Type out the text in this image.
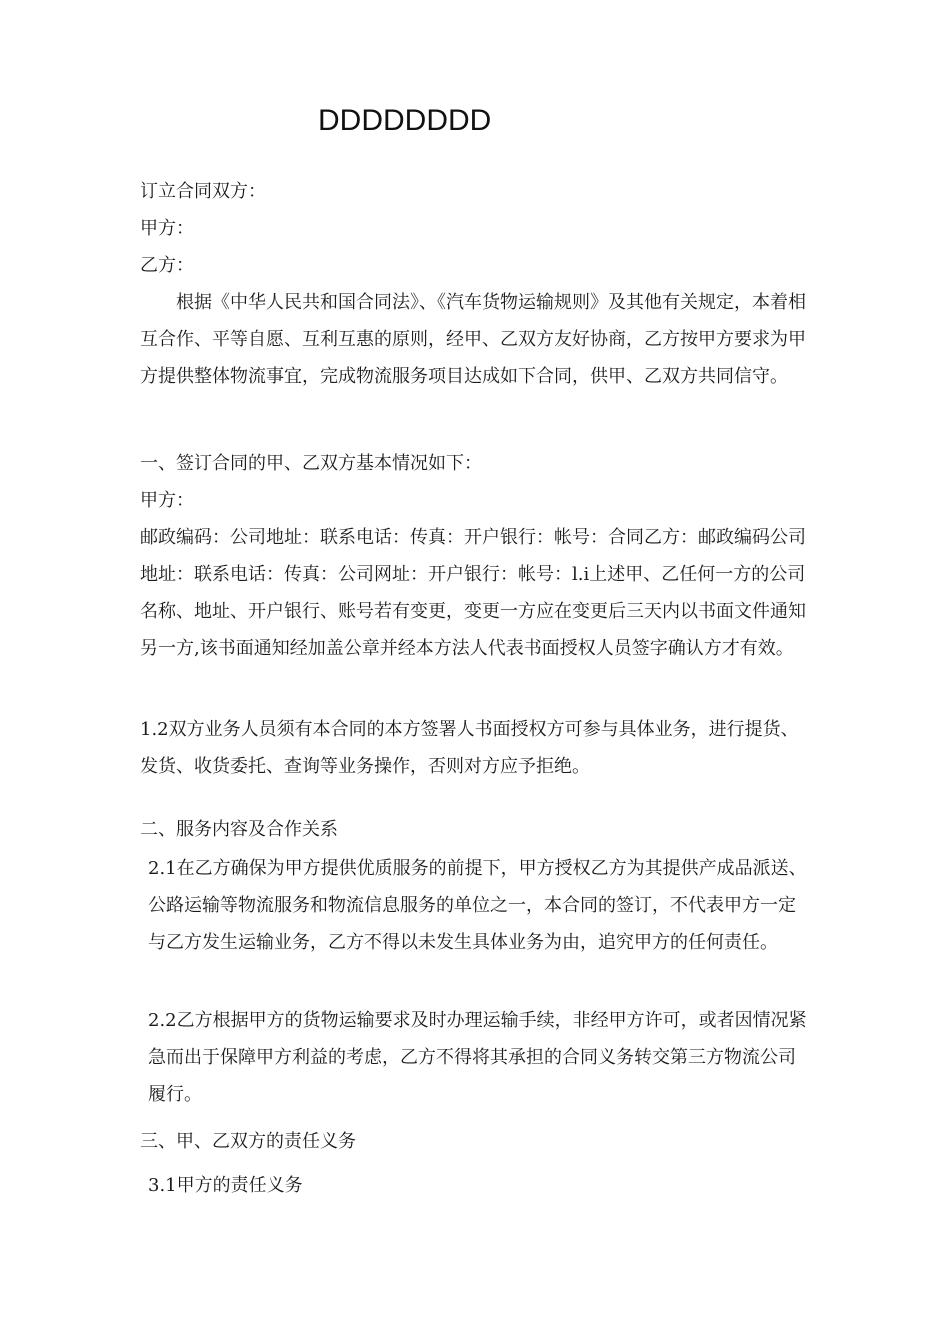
DDDDDDDD
订立合同双方：
甲方：
乙方：
根据《中华人民共和国合同法》、《汽车货物运输规则》及其他有关规定，本着相互合作、平等自愿、互利互惠的原则，经甲、乙双方友好协商，乙方按甲方要求为甲方提供整体物流事宜，完成物流服务项目达成如下合同，供甲、乙双方共同信守。
一、签订合同的甲、乙双方基本情况如下：
甲方：
邮政编码：公司地址：联系电话：传真：开户银行：帐号：合同乙方：邮政编码公司地址：联系电话：传真：公司网址：开户银行：帐号：l.i上述甲、乙任何一方的公司名称、地址、开户银行、账号若有变更，变更一方应在变更后三天内以书面文件通知另一方,该书面通知经加盖公章并经本方法人代表书面授权人员签字确认方才有效。
1.2双方业务人员须有本合同的本方签署人书面授权方可参与具体业务，进行提货、发货、收货委托、查询等业务操作，否则对方应予拒绝。
二、服务内容及合作关系
2.1在乙方确保为甲方提供优质服务的前提下，甲方授权乙方为其提供产成品派送、公路运输等物流服务和物流信息服务的单位之一，本合同的签订，不代表甲方一定与乙方发生运输业务，乙方不得以未发生具体业务为由，追究甲方的任何责任。
2.2乙方根据甲方的货物运输要求及时办理运输手续，非经甲方许可，或者因情况紧急而出于保障甲方利益的考虑，乙方不得将其承担的合同义务转交第三方物流公司履行。
三、甲、乙双方的责任义务
3.1甲方的责任义务
